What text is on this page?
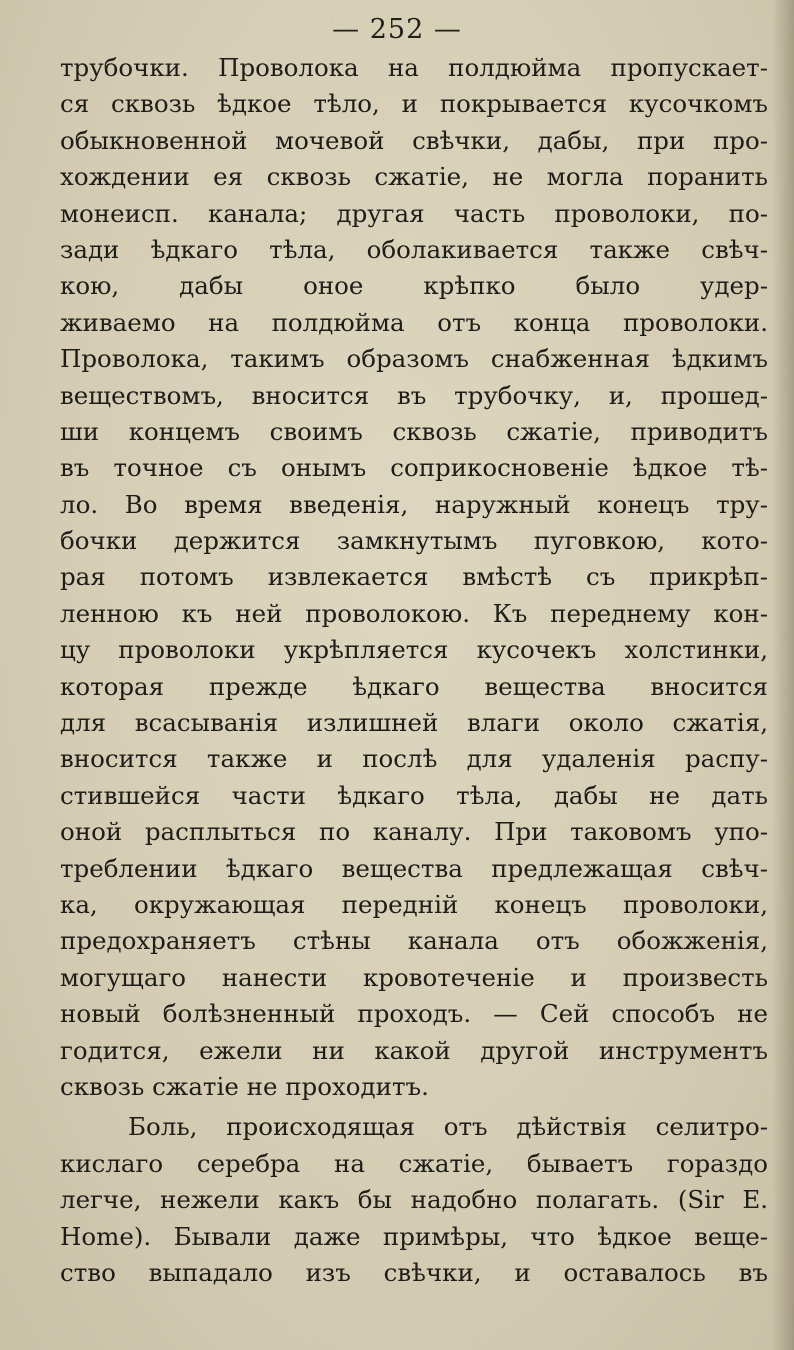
— 252 —
трубочки. Проволока на полдюйма пропускает-
ся сквозь ѣдкое тѣло, и покрывается кусочкомъ
обыкновенной мочевой свѣчки, дабы, при про-
хождении ея сквозь сжатіе, не могла поранить
монеисп. канала; другая часть проволоки, по-
зади ѣдкаго тѣла, оболакивается также свѣч-
кою, дабы оное крѣпко было удер-
живаемо на полдюйма отъ конца проволоки.
Проволока, такимъ образомъ снабженная ѣдкимъ
веществомъ, вносится въ трубочку, и, прошед-
ши концемъ своимъ сквозь сжатіе, приводитъ
въ точное съ онымъ соприкосновеніе ѣдкое тѣ-
ло. Во время введенія, наружный конецъ тру-
бочки держится замкнутымъ пуговкою, кото-
рая потомъ извлекается вмѣстѣ съ прикрѣп-
ленною къ ней проволокою. Къ переднему кон-
цу проволоки укрѣпляется кусочекъ холстинки,
которая прежде ѣдкаго вещества вносится
для всасыванія излишней влаги около сжатія,
вносится также и послѣ для удаленія распу-
стившейся части ѣдкаго тѣла, дабы не дать
оной расплыться по каналу. При таковомъ упо-
треблении ѣдкаго вещества предлежащая свѣч-
ка, окружающая передній конецъ проволоки,
предохраняетъ стѣны канала отъ обожженія,
могущаго нанести кровотеченіе и произвесть
новый болѣзненный проходъ. — Сей способъ не
годится, ежели ни какой другой инструментъ
сквозь сжатіе не проходитъ.
Боль, происходящая отъ дѣйствія селитро-
кислаго серебра на сжатіе, бываетъ гораздо
легче, нежели какъ бы надобно полагать. (Sir E.
Home). Бывали даже примѣры, что ѣдкое веще-
ство выпадало изъ свѣчки, и оставалось въ
